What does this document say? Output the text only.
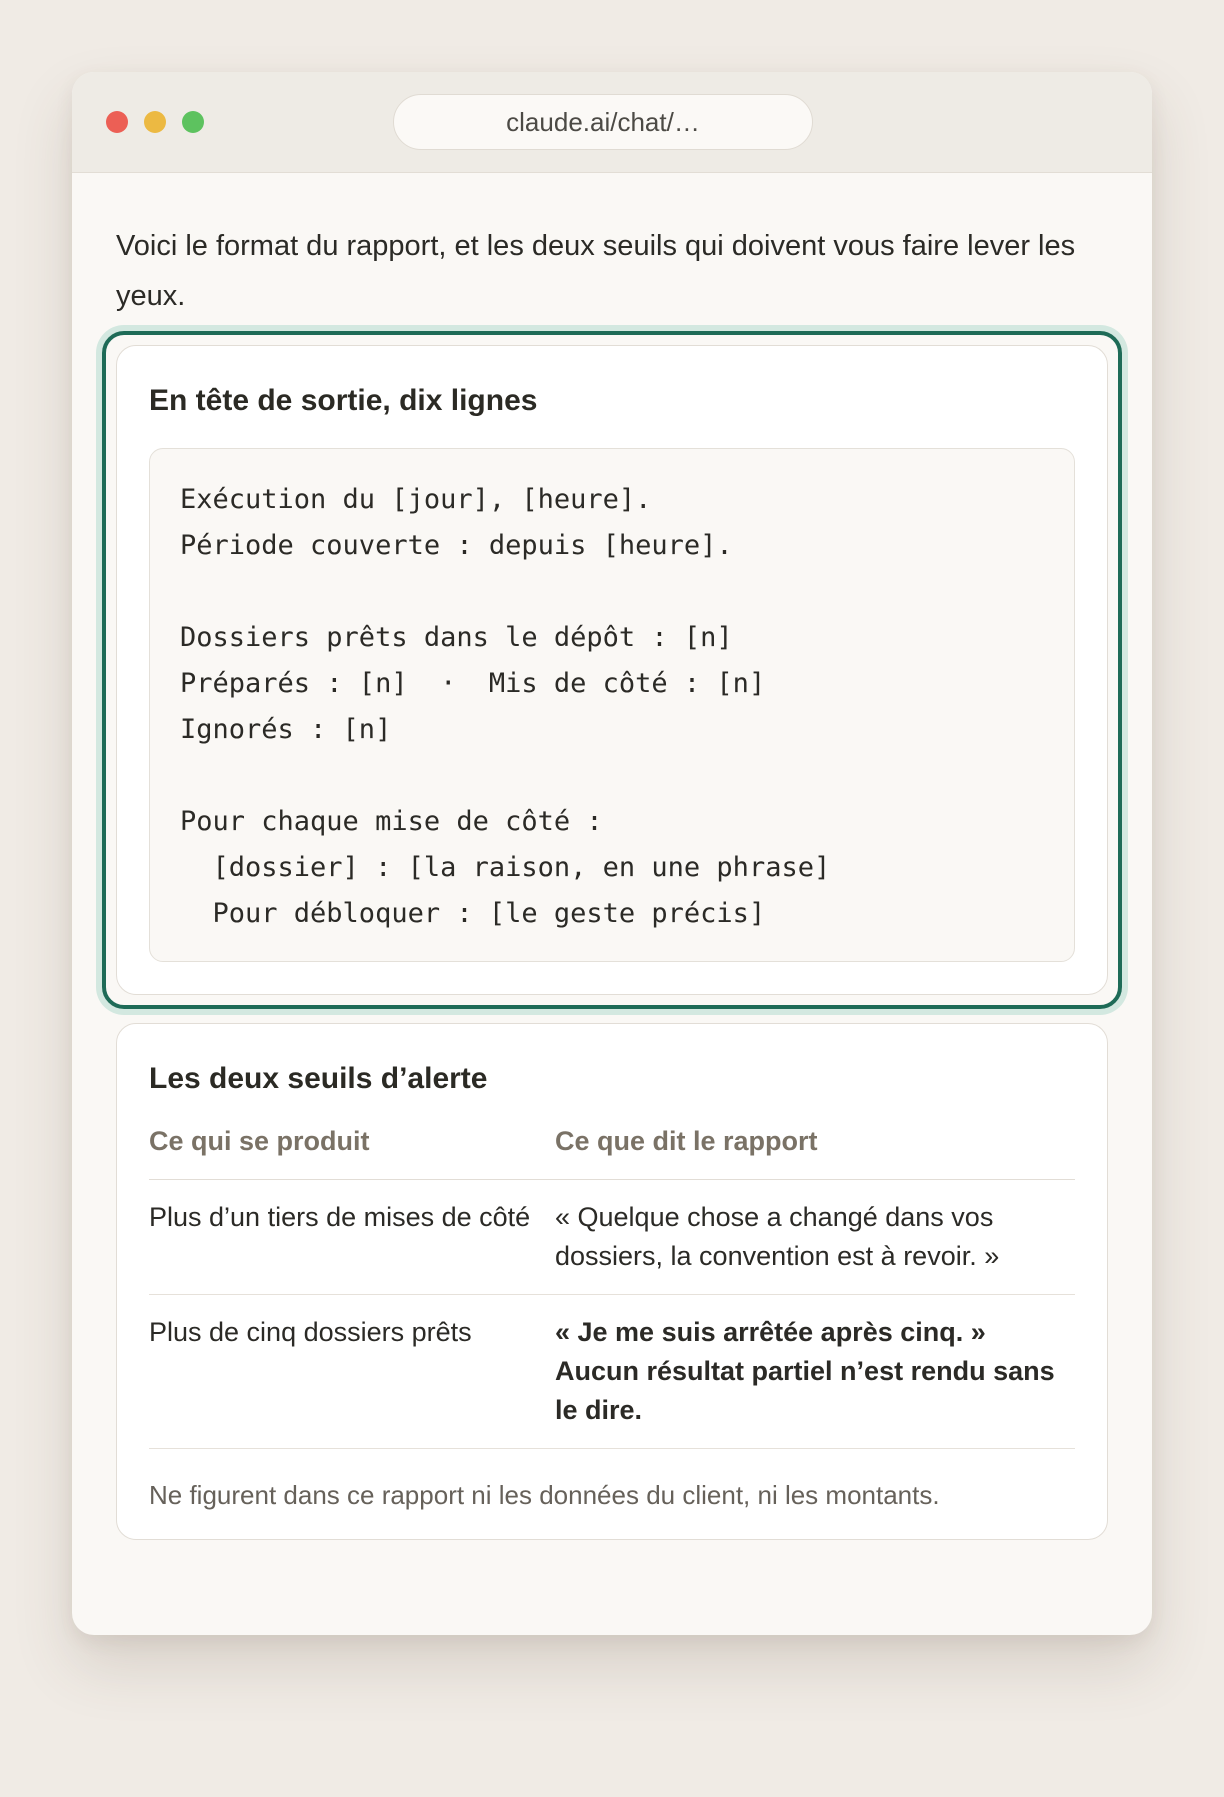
claude.ai/chat/…

Voici le format du rapport, et les deux seuils qui doivent vous faire lever les yeux.

En tête de sortie, dix lignes
Exécution du [jour], [heure].
Période couverte : depuis [heure].
Dossiers prêts dans le dépôt : [n]
Préparés : [n]  ·  Mis de côté : [n]
Ignorés : [n]
Pour chaque mise de côté :
[dossier] : [la raison, en une phrase]
Pour débloquer : [le geste précis]
Les deux seuils d’alerte
Ce qui se produit	Ce que dit le rapport
Plus d’un tiers de mises de côté	« Quelque chose a changé dans vos dossiers, la convention est à revoir. »
Plus de cinq dossiers prêts	« Je me suis arrêtée après cinq. » Aucun résultat partiel n’est rendu sans le dire.

Ne figurent dans ce rapport ni les données du client, ni les montants.
